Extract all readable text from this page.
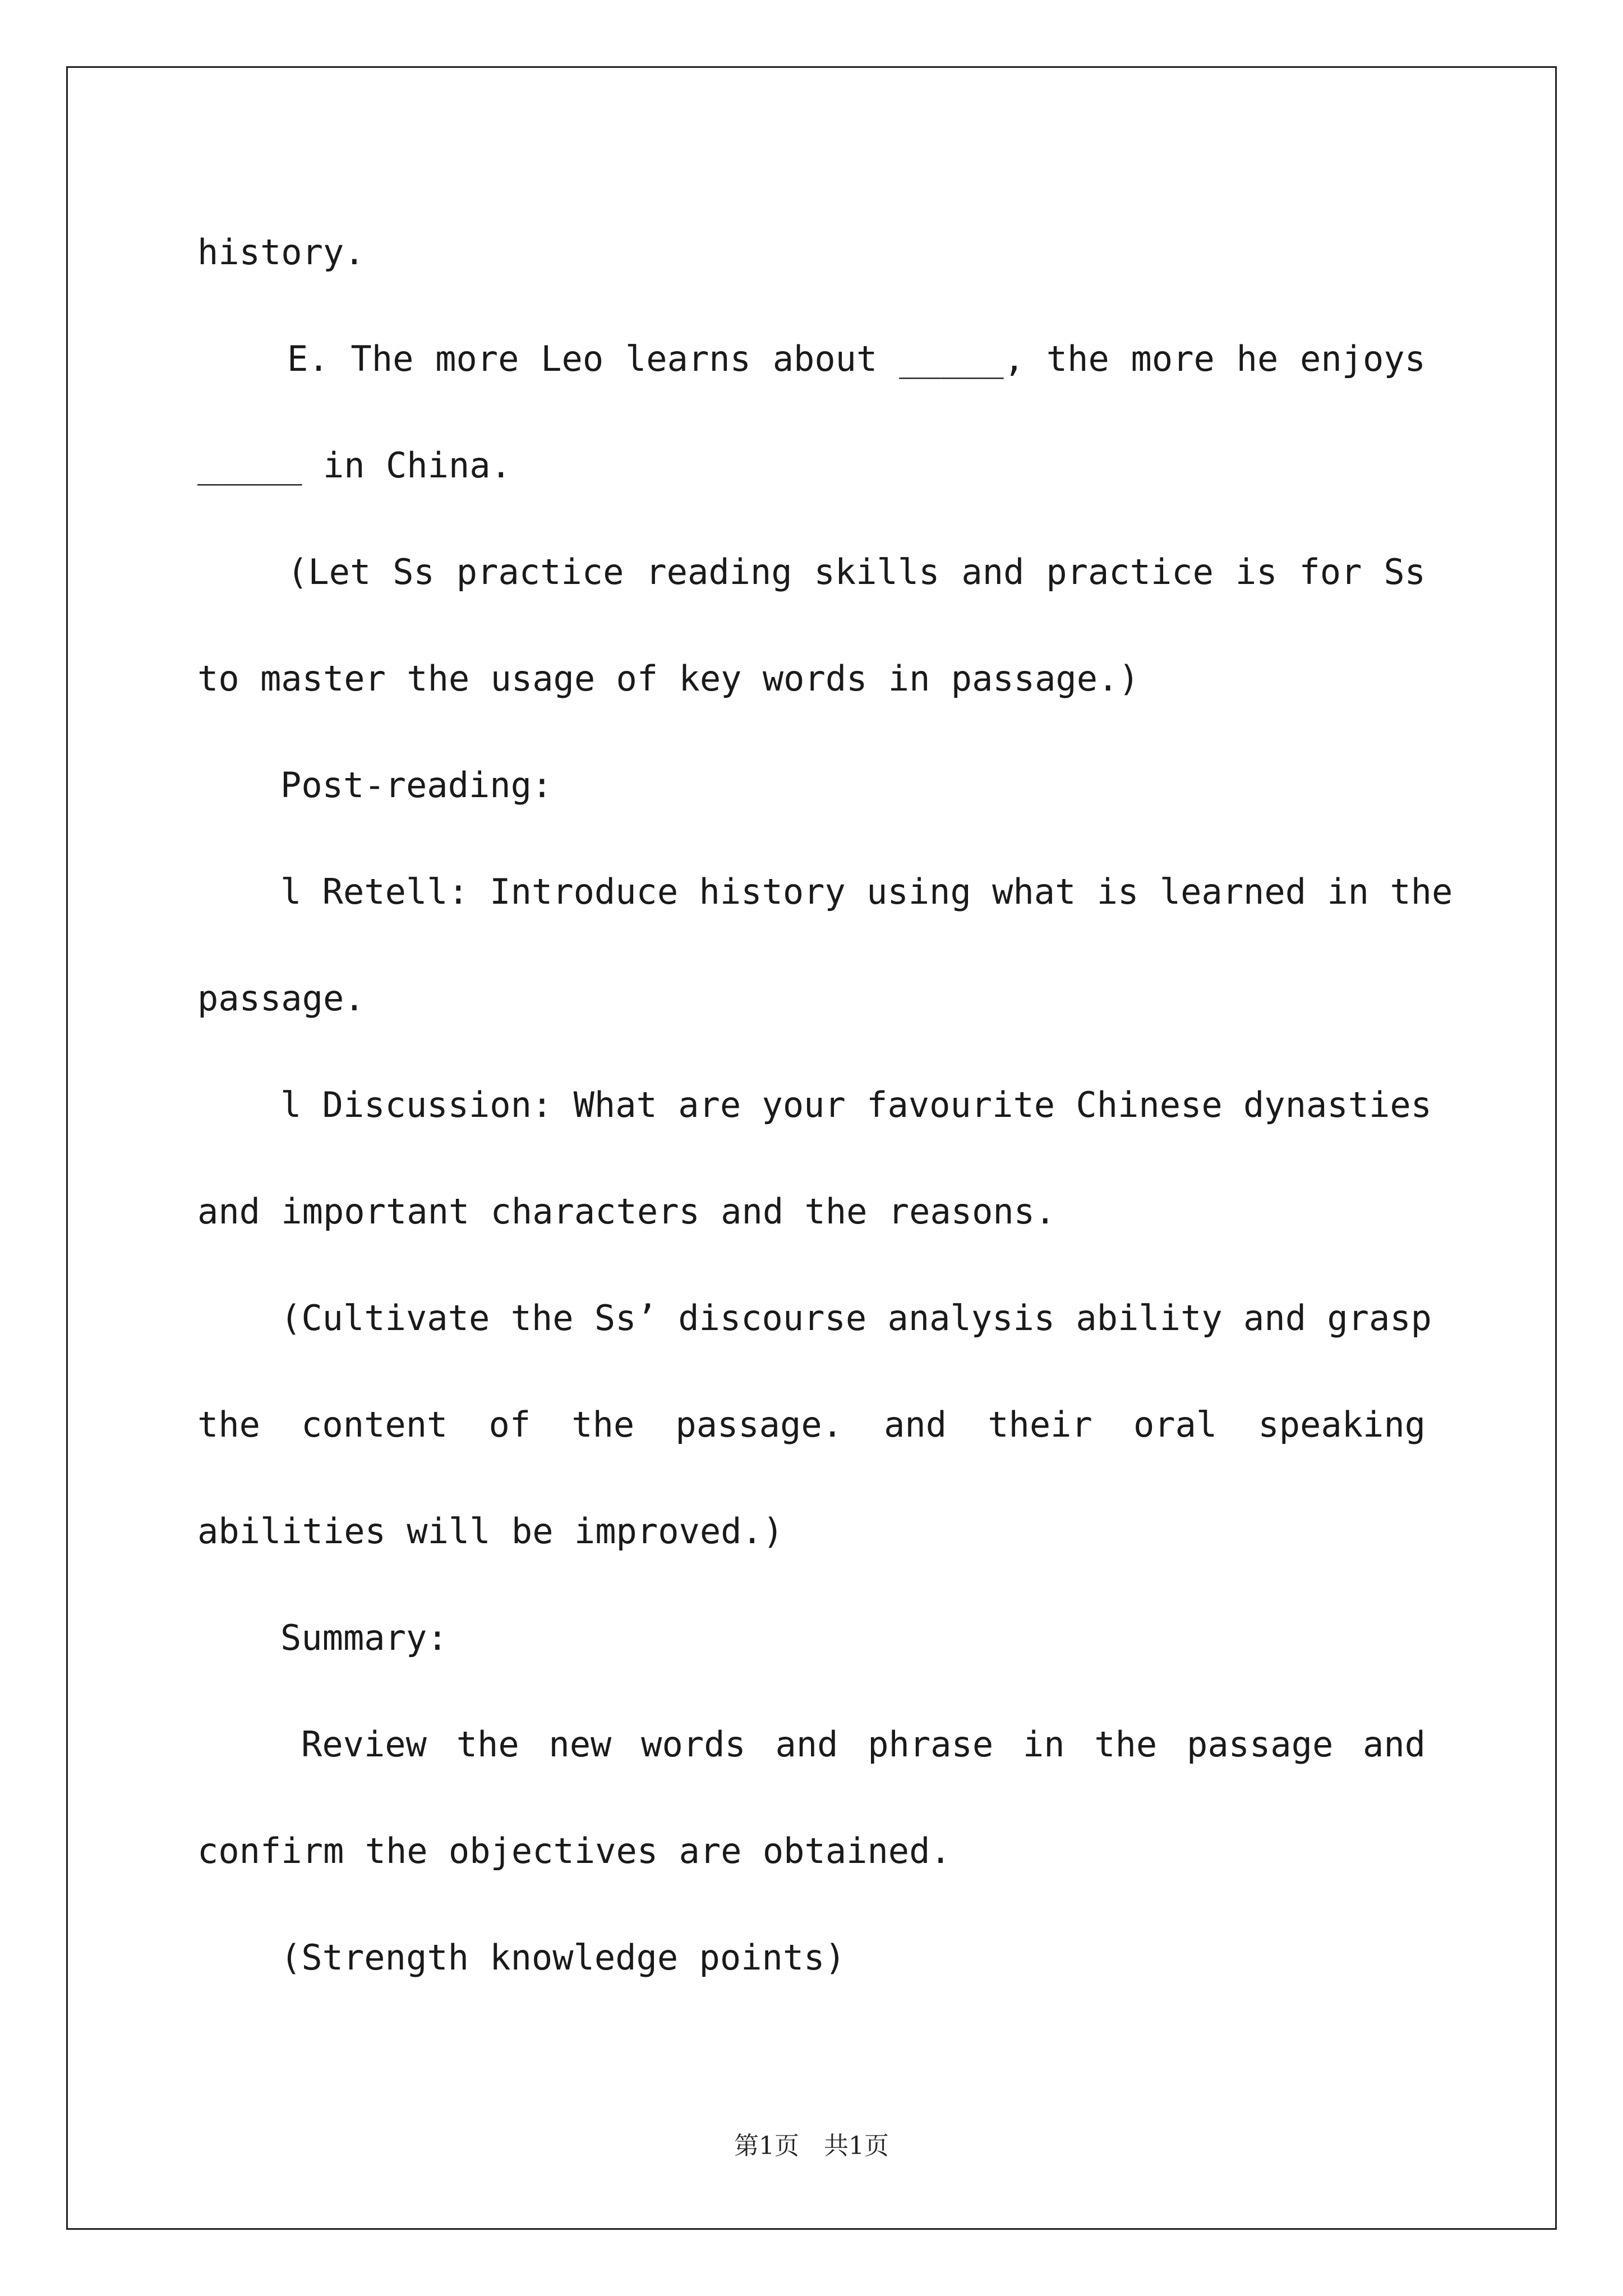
history.
E. The more Leo learns about _____, the more he enjoys
_____ in China.
(Let Ss practice reading skills and practice is for Ss
to master the usage of key words in passage.)
Post-reading:
l Retell: Introduce history using what is learned in the
passage.
l Discussion: What are your favourite Chinese dynasties
and important characters and the reasons.
(Cultivate the Ss’ discourse analysis ability and grasp
the content of the passage. and their oral speaking
abilities will be improved.)
Summary:
Review the new words and phrase in the passage and
confirm the objectives are obtained.
(Strength knowledge points)
第1页　共1页
